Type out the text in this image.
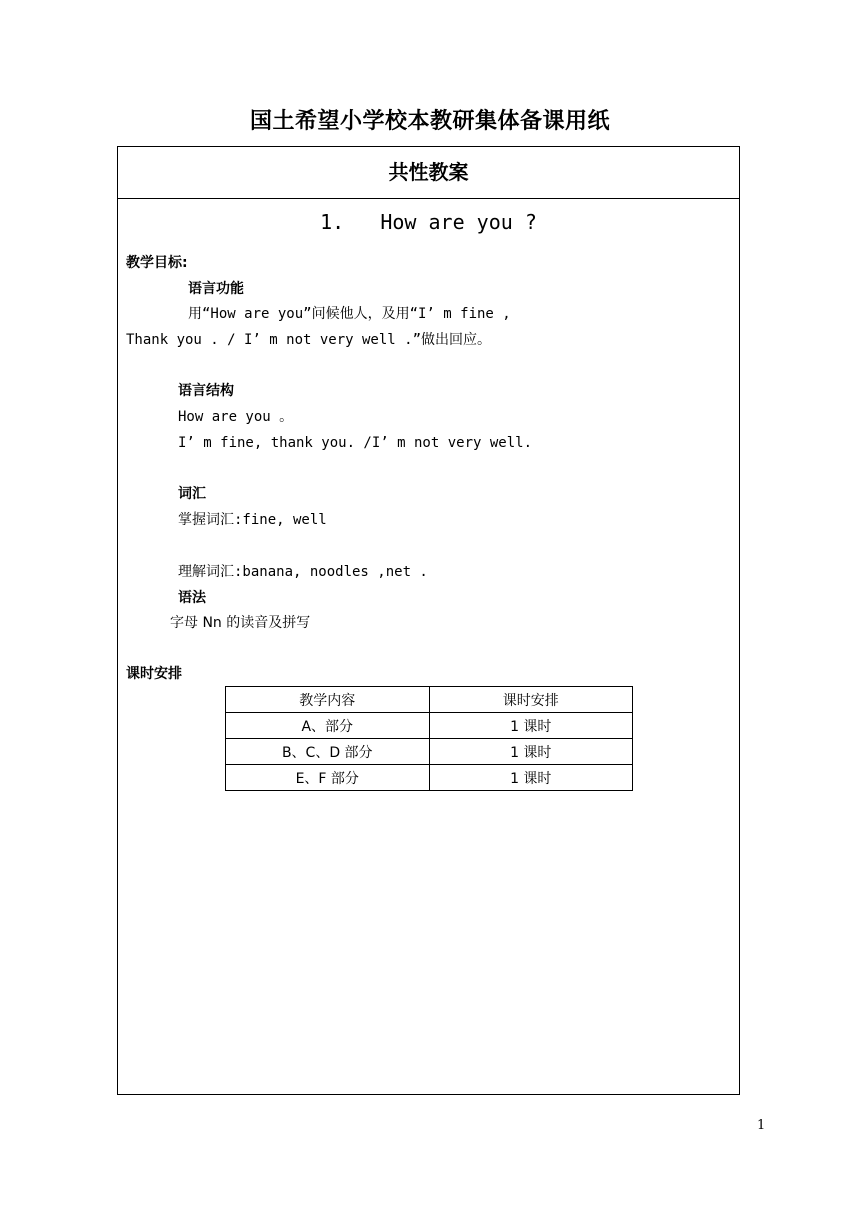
国土希望小学校本教研集体备课用纸
共性教案
1.   How are you ?
教学目标:
语言功能
用“How are you”问候他人，及用“I’ m fine ,
Thank you . / I’ m not very well .”做出回应。
语言结构
How are you 。
I’ m fine, thank you. /I’ m not very well.
词汇
掌握词汇:fine, well
理解词汇:banana, noodles ,net .
语法
字母 Nn 的读音及拼写
课时安排
教学内容	课时安排
A、部分	1 课时
B、C、D 部分	1 课时
E、F 部分	1 课时
1
